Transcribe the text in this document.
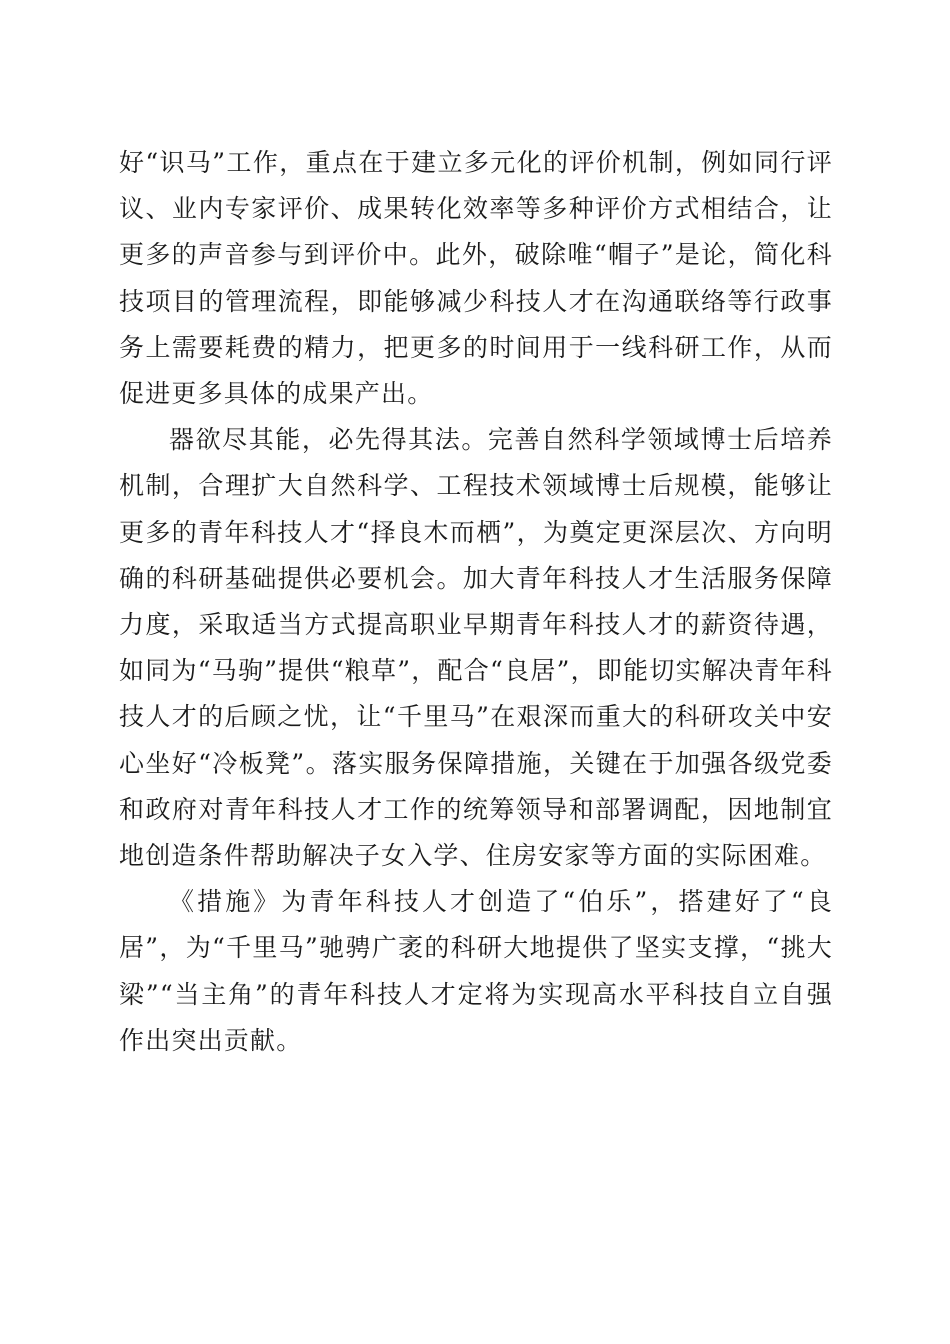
好“识马”工作，重点在于建立多元化的评价机制，例如同行评议、业内专家评价、成果转化效率等多种评价方式相结合，让更多的声音参与到评价中。此外，破除唯“帽子”是论，简化科技项目的管理流程，即能够减少科技人才在沟通联络等行政事务上需要耗费的精力，把更多的时间用于一线科研工作，从而促进更多具体的成果产出。

器欲尽其能，必先得其法。完善自然科学领域博士后培养机制，合理扩大自然科学、工程技术领域博士后规模，能够让更多的青年科技人才“择良木而栖”，为奠定更深层次、方向明确的科研基础提供必要机会。加大青年科技人才生活服务保障力度，采取适当方式提高职业早期青年科技人才的薪资待遇，如同为“马驹”提供“粮草”，配合“良居”，即能切实解决青年科技人才的后顾之忧，让“千里马”在艰深而重大的科研攻关中安心坐好“冷板凳”。落实服务保障措施，关键在于加强各级党委和政府对青年科技人才工作的统筹领导和部署调配，因地制宜地创造条件帮助解决子女入学、住房安家等方面的实际困难。

《措施》为青年科技人才创造了“伯乐”，搭建好了“良居”，为“千里马”驰骋广袤的科研大地提供了坚实支撑，“挑大梁”“当主角”的青年科技人才定将为实现高水平科技自立自强作出突出贡献。
